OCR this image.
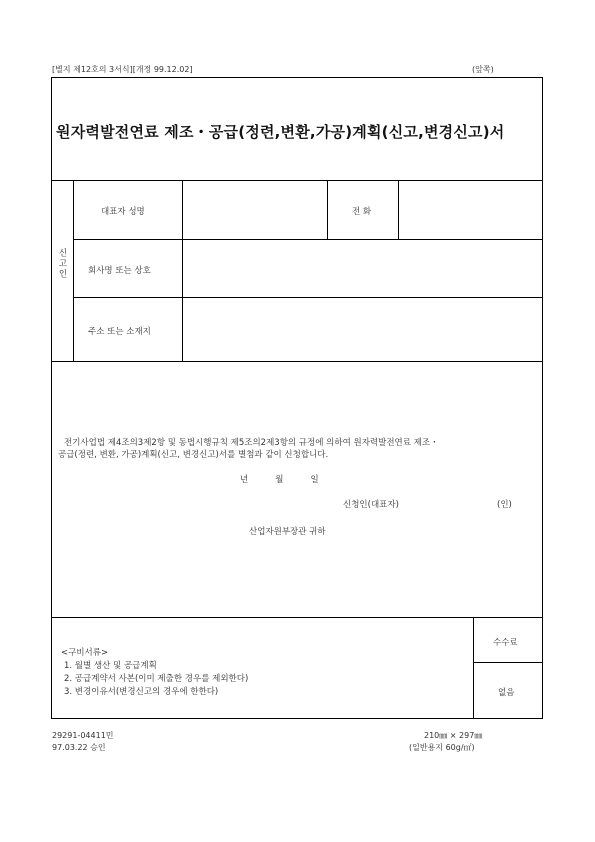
[별지 제12호의 3서식][개정 99.12.02]	(앞쪽)
원자력발전연료 제조・공급(정련,변환,가공)계획(신고,변경신고)서
신고인
대표자 성명	전 화
회사명 또는 상호
주소 또는 소재지
전기사업법 제4조의3제2항 및 동법시행규칙 제5조의2제3항의 규정에 의하여 원자력발전연료 제조・
공급(정련, 변환, 가공)계획(신고, 변경신고)서를 별첨과 같이 신청합니다.
년          월          일
신청인(대표자)	(인)
산업자원부장관 귀하
<구비서류>
1. 월별 생산 및 공급계획
2. 공급계약서 사본(이미 제출한 경우를 제외한다)
3. 변경이유서(변경신고의 경우에 한한다)
수수료
없음
29291-04411민
97.03.22 승인
210㎜ × 297㎜
(일반용지 60g/㎡)
